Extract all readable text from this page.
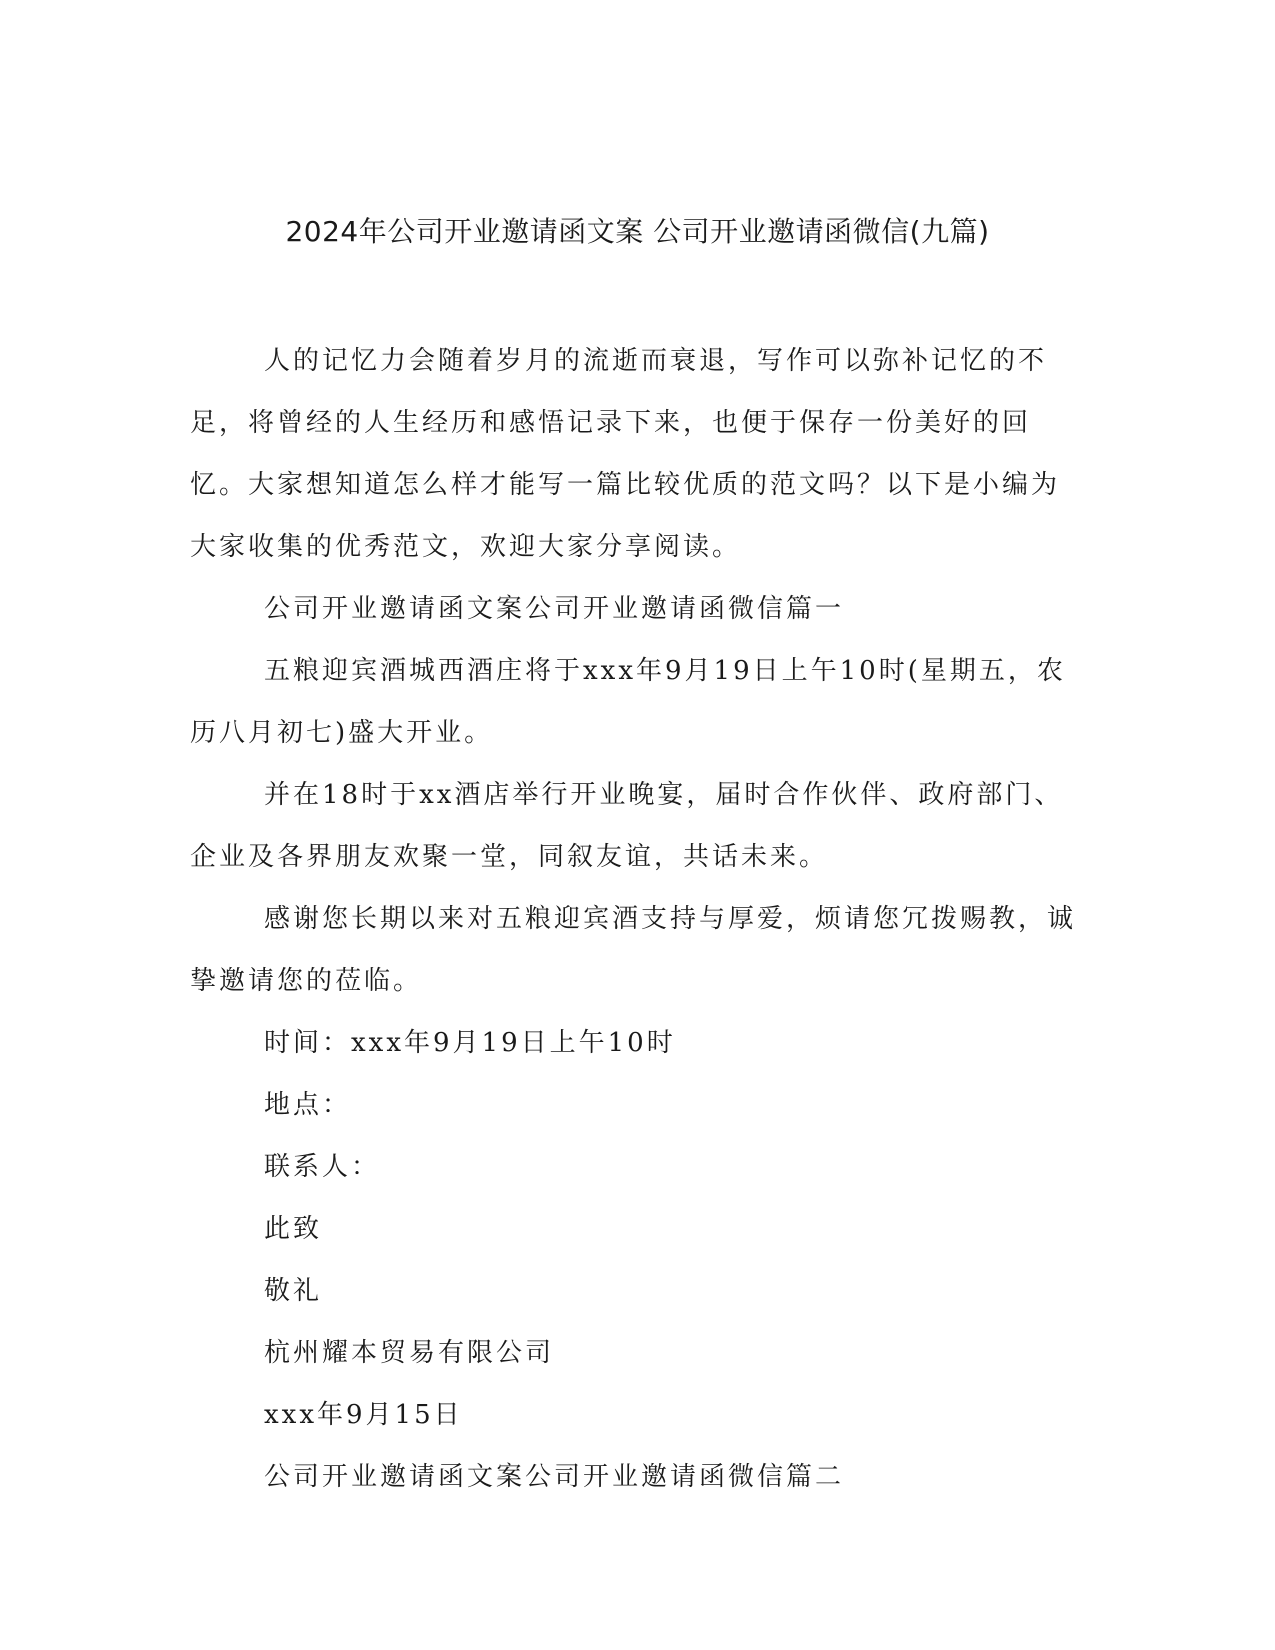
2024年公司开业邀请函文案 公司开业邀请函微信(九篇)

人的记忆力会随着岁月的流逝而衰退，写作可以弥补记忆的不足，将曾经的人生经历和感悟记录下来，也便于保存一份美好的回忆。大家想知道怎么样才能写一篇比较优质的范文吗？以下是小编为大家收集的优秀范文，欢迎大家分享阅读。

公司开业邀请函文案公司开业邀请函微信篇一

五粮迎宾酒城西酒庄将于xxx年9月19日上午10时(星期五，农历八月初七)盛大开业。

并在18时于xx酒店举行开业晚宴，届时合作伙伴、政府部门、企业及各界朋友欢聚一堂，同叙友谊，共话未来。

感谢您长期以来对五粮迎宾酒支持与厚爱，烦请您冗拨赐教，诚挚邀请您的莅临。

时间：xxx年9月19日上午10时

地点：

联系人：

此致

敬礼

杭州耀本贸易有限公司

xxx年9月15日

公司开业邀请函文案公司开业邀请函微信篇二
